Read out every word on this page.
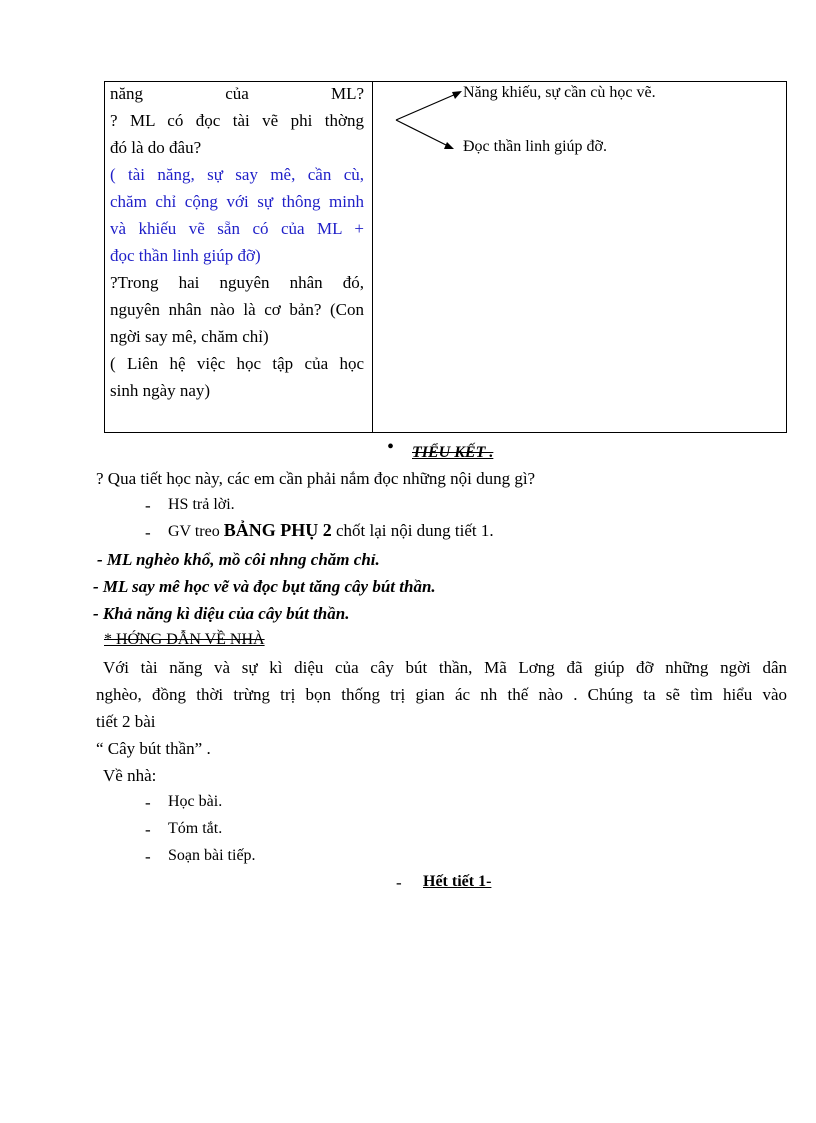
năng của ML?
? ML có đọc tài vẽ phi thờng
đó là do đâu?
( tài năng, sự say mê, cần cù,
chăm chỉ cộng với sự thông minh
và khiếu vẽ sẵn có của ML +
đọc thần linh giúp đỡ)
?Trong hai nguyên nhân đó,
nguyên nhân nào là cơ bản? (Con
ngời say mê, chăm chỉ)
( Liên hệ việc học tập của học
sinh ngày nay)
Năng khiếu, sự cần cù học vẽ.
Đọc thần linh giúp đỡ.
• TIỂU KẾT .
? Qua tiết học này, các em cần phải nắm đọc những nội dung gì?
- HS trả lời.
- GV treo BẢNG PHỤ 2 chốt lại nội dung tiết 1.
- ML nghèo khổ, mồ côi nhng chăm chỉ.
- ML say mê học vẽ và đọc bụt tăng cây bút thần.
- Khả năng kì diệu của cây bút thần.
* HỚNG DẪN VỀ NHÀ
Với tài năng và sự kì diệu của cây bút thần, Mã Lơng đã giúp đỡ những ngời dân
nghèo, đồng thời trừng trị bọn thống trị gian ác nh thế nào . Chúng ta sẽ tìm hiểu vào
tiết 2 bài
“ Cây bút thần” .
Về nhà:
- Học bài.
- Tóm tắt.
- Soạn bài tiếp.
- Hết tiết 1-
